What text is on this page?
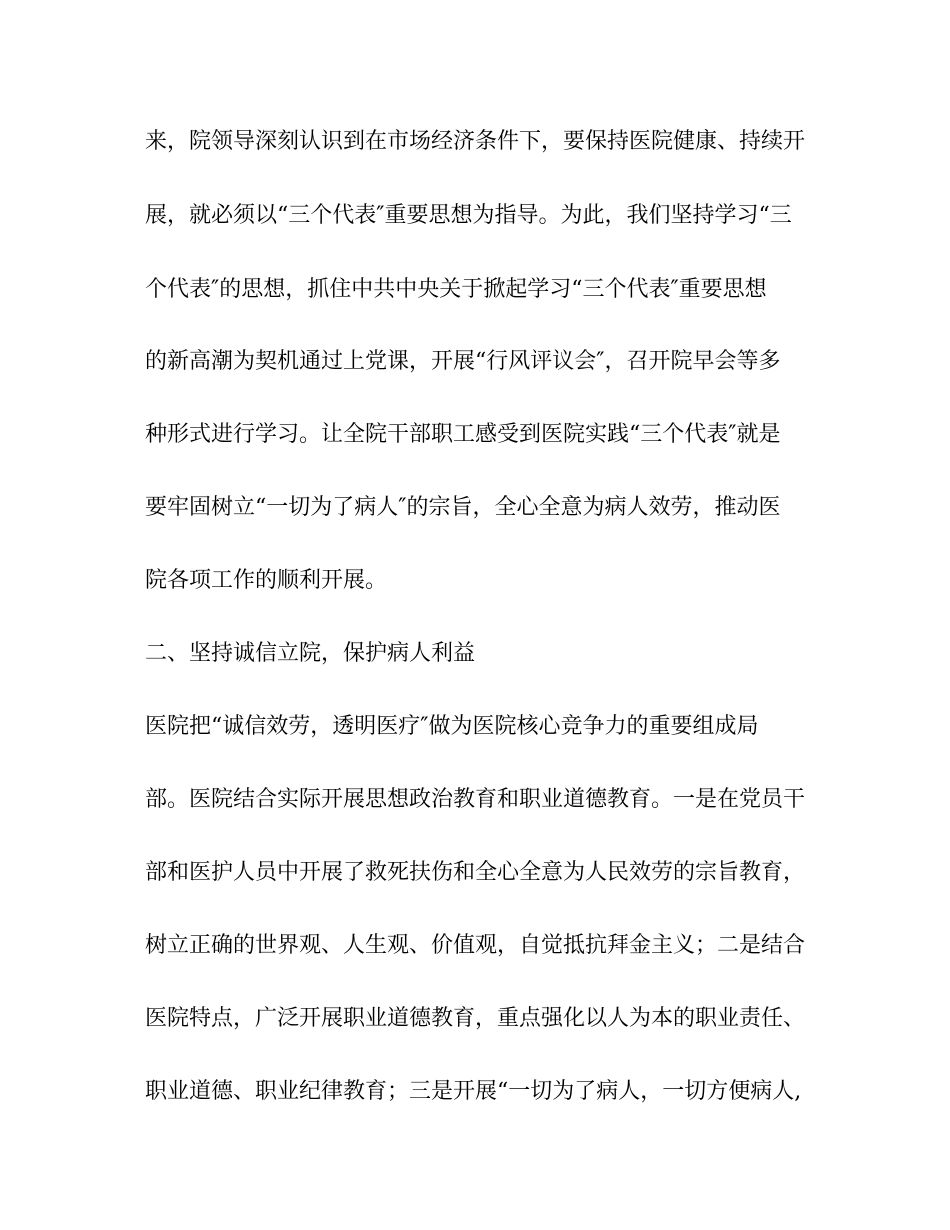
来，院领导深刻认识到在市场经济条件下，要保持医院健康、持续开

展，就必须以“三个代表″重要思想为指导。为此，我们坚持学习“三

个代表″的思想，抓住中共中央关于掀起学习“三个代表″重要思想

的新高潮为契机通过上党课，开展“行风评议会″，召开院早会等多

种形式进行学习。让全院干部职工感受到医院实践“三个代表″就是

要牢固树立“一切为了病人″的宗旨，全心全意为病人效劳，推动医

院各项工作的顺利开展。

二、坚持诚信立院，保护病人利益

医院把“诚信效劳，透明医疗″做为医院核心竞争力的重要组成局

部。医院结合实际开展思想政治教育和职业道德教育。一是在党员干

部和医护人员中开展了救死扶伤和全心全意为人民效劳的宗旨教育，

树立正确的世界观、人生观、价值观，自觉抵抗拜金主义；二是结合

医院特点，广泛开展职业道德教育，重点强化以人为本的职业责任、

职业道德、职业纪律教育；三是开展“一切为了病人，一切方便病人,
